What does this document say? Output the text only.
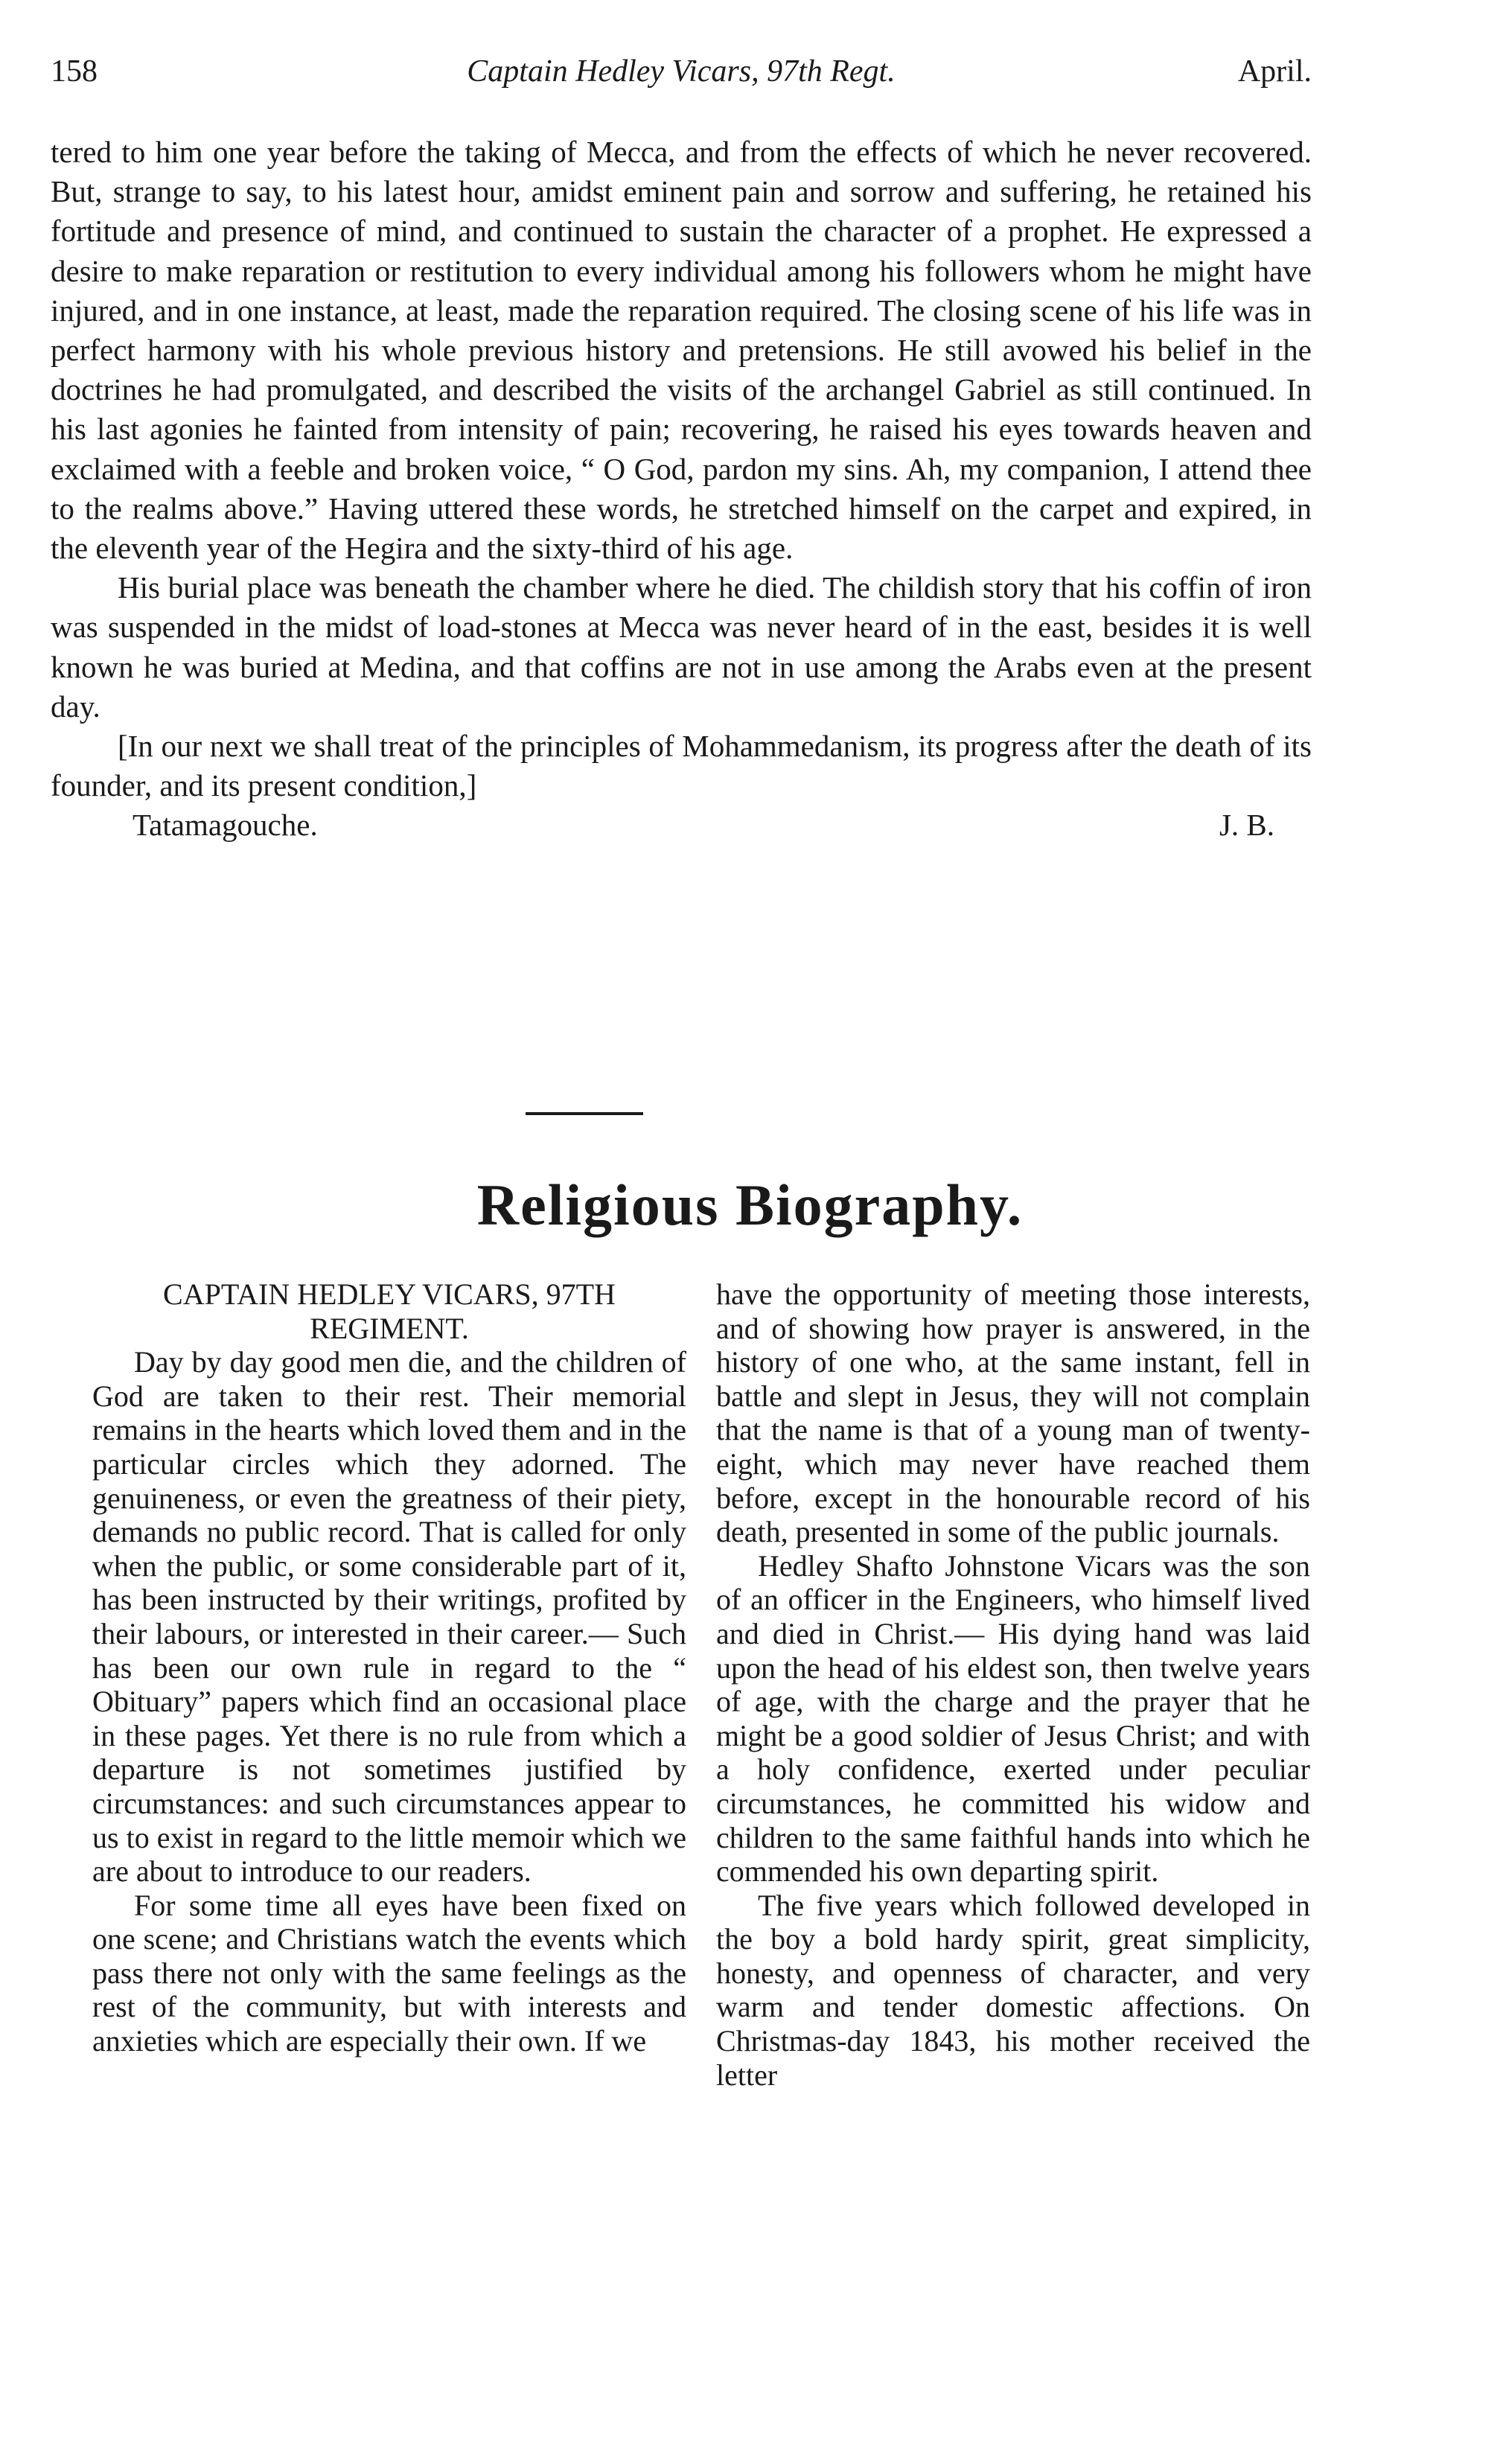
158	Captain Hedley Vicars, 97th Regt.	April.

tered to him one year before the taking of Mecca, and from the effects of which he never recovered. But, strange to say, to his latest hour, amidst eminent pain and sorrow and suffering, he retained his fortitude and presence of mind, and continued to sustain the character of a prophet. He expressed a desire to make reparation or restitution to every individual among his followers whom he might have injured, and in one instance, at least, made the reparation required. The closing scene of his life was in perfect harmony with his whole previous history and pretensions. He still avowed his belief in the doctrines he had promulgated, and described the visits of the archangel Gabriel as still continued. In his last agonies he fainted from intensity of pain; recovering, he raised his eyes towards heaven and exclaimed with a feeble and broken voice, “ O God, pardon my sins. Ah, my companion, I attend thee to the realms above.” Having uttered these words, he stretched himself on the carpet and expired, in the eleventh year of the Hegira and the sixty-third of his age.

His burial place was beneath the chamber where he died. The childish story that his coffin of iron was suspended in the midst of load-stones at Mecca was never heard of in the east, besides it is well known he was buried at Medina, and that coffins are not in use among the Arabs even at the present day.

[In our next we shall treat of the principles of Mohammedanism, its progress after the death of its founder, and its present condition,]

Tatamagouche.	J. B.
Religious Biography.

CAPTAIN HEDLEY VICARS, 97TH REGIMENT.

Day by day good men die, and the children of God are taken to their rest. Their memorial remains in the hearts which loved them and in the particular circles which they adorned. The genuineness, or even the greatness of their piety, demands no public record. That is called for only when the public, or some considerable part of it, has been instructed by their writings, profited by their labours, or interested in their career.— Such has been our own rule in regard to the “ Obituary” papers which find an occasional place in these pages. Yet there is no rule from which a departure is not sometimes justified by circumstances: and such circumstances appear to us to exist in regard to the little memoir which we are about to introduce to our readers.

For some time all eyes have been fixed on one scene; and Christians watch the events which pass there not only with the same feelings as the rest of the community, but with interests and anxieties which are especially their own. If we

have the opportunity of meeting those interests, and of showing how prayer is answered, in the history of one who, at the same instant, fell in battle and slept in Jesus, they will not complain that the name is that of a young man of twenty-eight, which may never have reached them before, except in the honourable record of his death, presented in some of the public journals.

Hedley Shafto Johnstone Vicars was the son of an officer in the Engineers, who himself lived and died in Christ.— His dying hand was laid upon the head of his eldest son, then twelve years of age, with the charge and the prayer that he might be a good soldier of Jesus Christ; and with a holy confidence, exerted under peculiar circumstances, he committed his widow and children to the same faithful hands into which he commended his own departing spirit.

The five years which followed developed in the boy a bold hardy spirit, great simplicity, honesty, and openness of character, and very warm and tender domestic affections. On Christmas-day 1843, his mother received the letter
